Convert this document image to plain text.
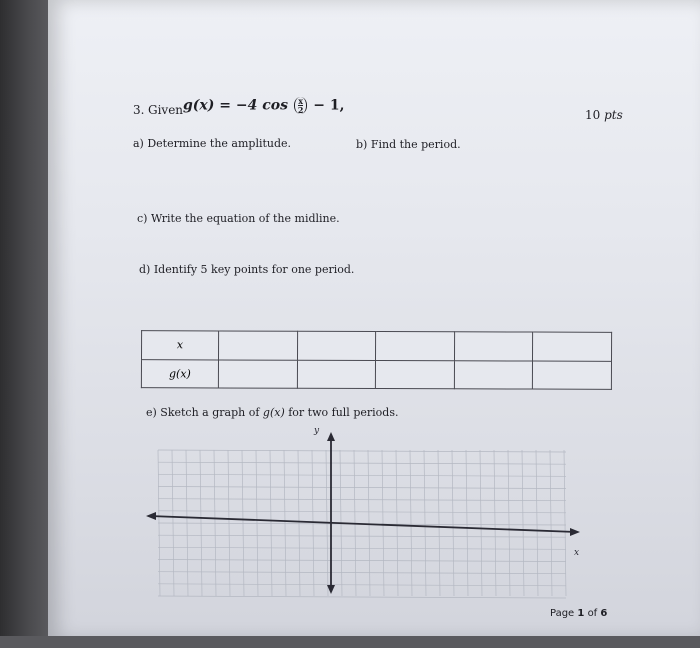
3. Given g(x) = −4 $\cos \frac{x}{2} - 1$,
10 pts
a) Determine the amplitude.	b) Find the period.
c) Write the equation of the midline.
d) Identify 5 key points for one period.
x					
g(x)					
e) Sketch a graph of g(x) for two full periods.
y
x
Page 1 of 6
